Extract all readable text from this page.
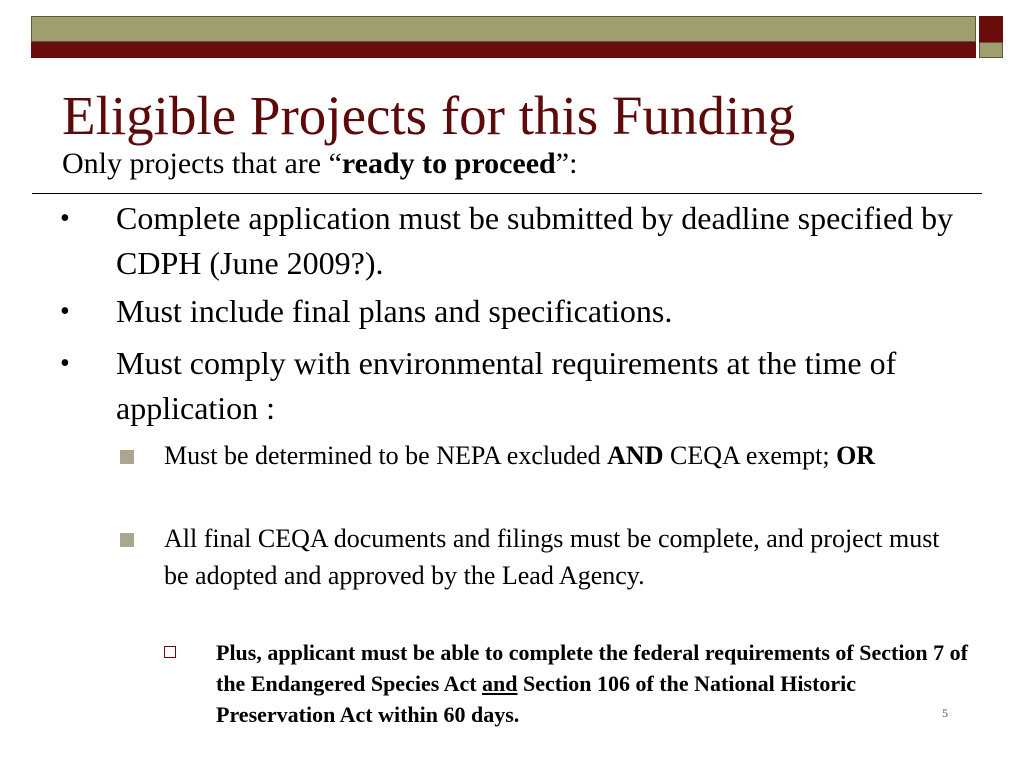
Eligible Projects for this Funding
Only projects that are “ready to proceed”:
• Complete application must be submitted by deadline specified by CDPH (June 2009?).
• Must include final plans and specifications.
• Must comply with environmental requirements at the time of application :
Must be determined to be NEPA excluded AND CEQA exempt; OR
All final CEQA documents and filings must be complete, and project must be adopted and approved by the Lead Agency.
Plus, applicant must be able to complete the federal requirements of Section 7 of the Endangered Species Act and Section 106 of the National Historic Preservation Act within 60 days.	5
